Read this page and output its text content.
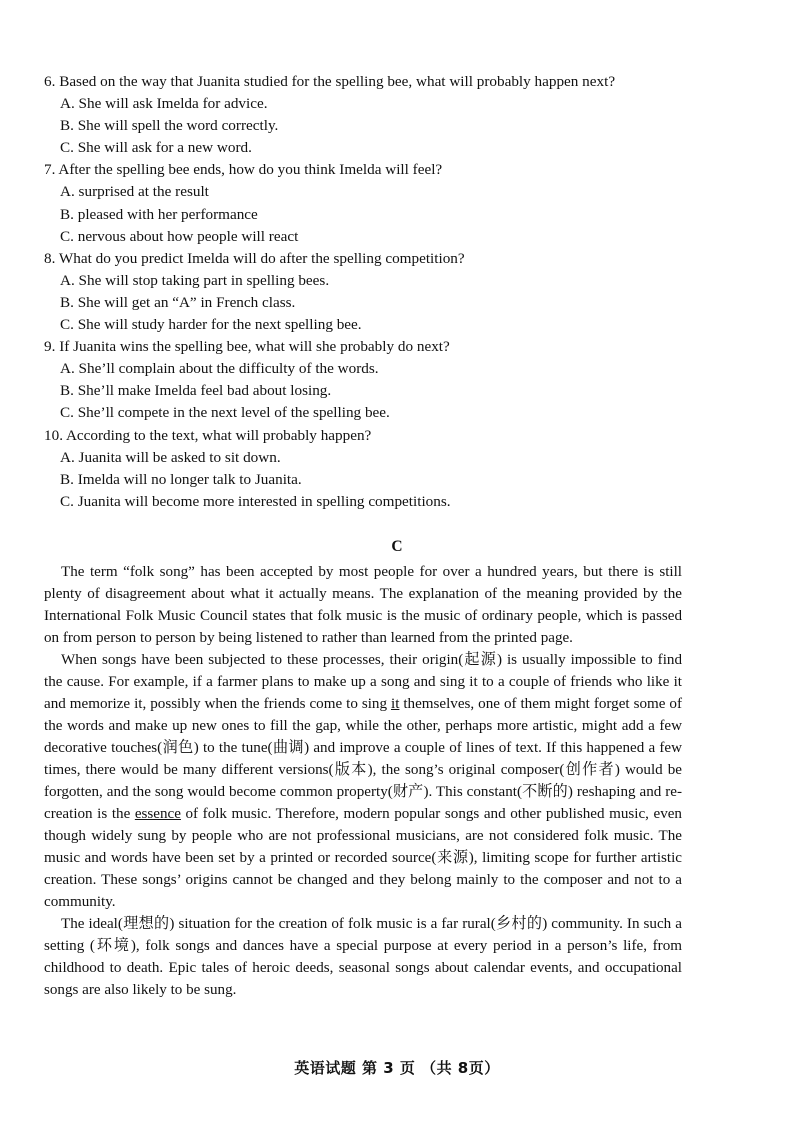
6. Based on the way that Juanita studied for the spelling bee, what will probably happen next?
A. She will ask Imelda for advice.
B. She will spell the word correctly.
C. She will ask for a new word.
7. After the spelling bee ends, how do you think Imelda will feel?
A. surprised at the result
B. pleased with her performance
C. nervous about how people will react
8. What do you predict Imelda will do after the spelling competition?
A. She will stop taking part in spelling bees.
B. She will get an “A” in French class.
C. She will study harder for the next spelling bee.
9. If Juanita wins the spelling bee, what will she probably do next?
A. She’ll complain about the difficulty of the words.
B. She’ll make Imelda feel bad about losing.
C. She’ll compete in the next level of the spelling bee.
10. According to the text, what will probably happen?
A. Juanita will be asked to sit down.
B. Imelda will no longer talk to Juanita.
C. Juanita will become more interested in spelling competitions.
C

The term “folk song” has been accepted by most people for over a hundred years, but there is still plenty of disagreement about what it actually means. The explanation of the meaning provided by the International Folk Music Council states that folk music is the music of ordinary people, which is passed on from person to person by being listened to rather than learned from the printed page.

When songs have been subjected to these processes, their origin(起源) is usually impossible to find the cause. For example, if a farmer plans to make up a song and sing it to a couple of friends who like it and memorize it, possibly when the friends come to sing it themselves, one of them might forget some of the words and make up new ones to fill the gap, while the other, perhaps more artistic, might add a few decorative touches(润色) to the tune(曲调) and improve a couple of lines of text. If this happened a few times, there would be many different versions(版本), the song’s original composer(创作者) would be forgotten, and the song would become common property(财产). This constant(不断的) reshaping and re-creation is the essence of folk music. Therefore, modern popular songs and other published music, even though widely sung by people who are not professional musicians, are not considered folk music. The music and words have been set by a printed or recorded source(来源), limiting scope for further artistic creation. These songs’ origins cannot be changed and they belong mainly to the composer and not to a community.

The ideal(理想的) situation for the creation of folk music is a far rural(乡村的) community. In such a setting (环境), folk songs and dances have a special purpose at every period in a person’s life, from childhood to death. Epic tales of heroic deeds, seasonal songs about calendar events, and occupational songs are also likely to be sung.

英语试题 第 3 页 （共 8页）
